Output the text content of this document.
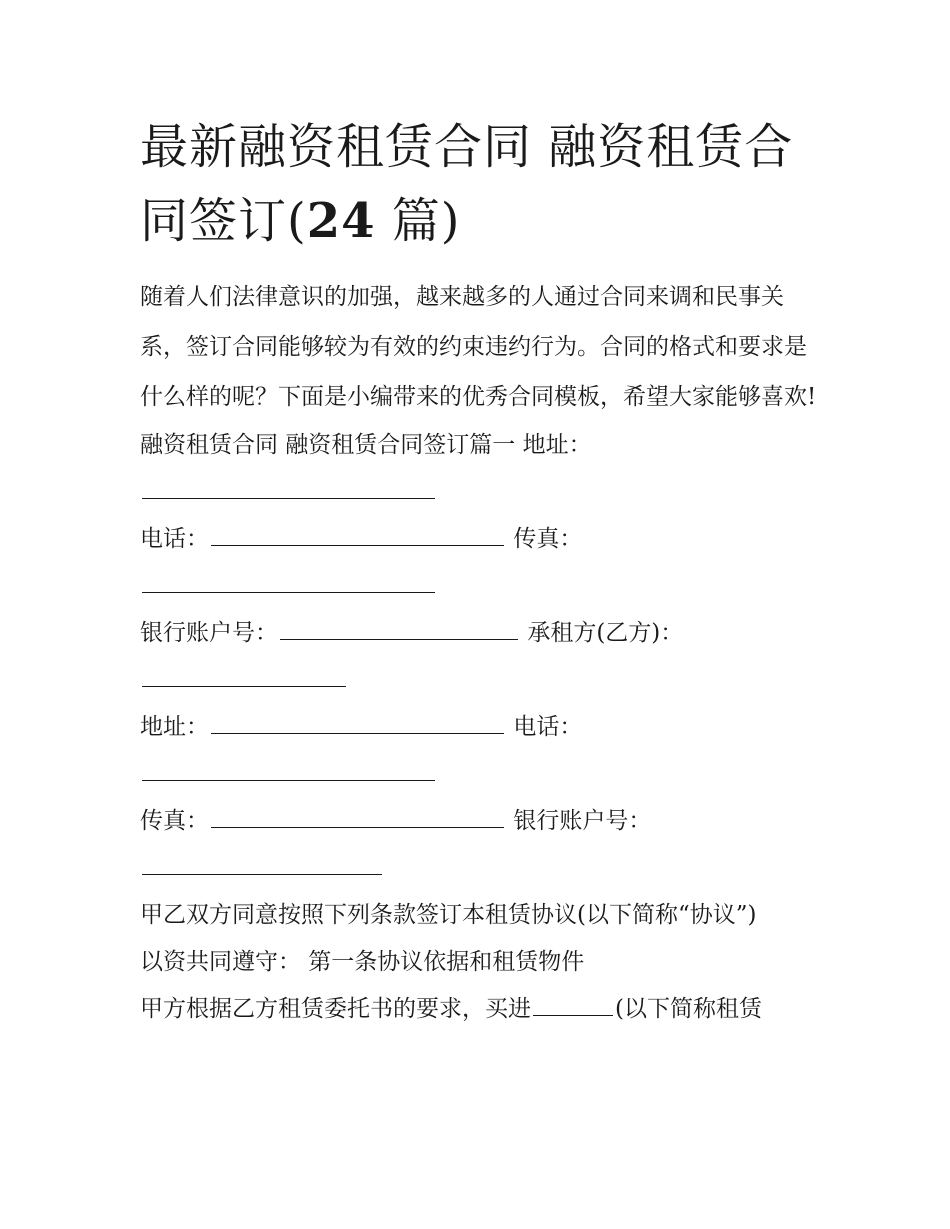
最新融资租赁合同 融资租赁合同签订(24 篇)

随着人们法律意识的加强，越来越多的人通过合同来调和民事关系，签订合同能够较为有效的约束违约行为。合同的格式和要求是什么样的呢？下面是小编带来的优秀合同模板，希望大家能够喜欢!

融资租赁合同 融资租赁合同签订篇一 地址：
电话：	传真：
银行账户号：	承租方(乙方)：
地址：	电话：
传真：	银行账户号：
甲乙双方同意按照下列条款签订本租赁协议(以下简称“协议”)
以资共同遵守： 第一条协议依据和租赁物件
甲方根据乙方租赁委托书的要求，买进	(以下简称租赁
